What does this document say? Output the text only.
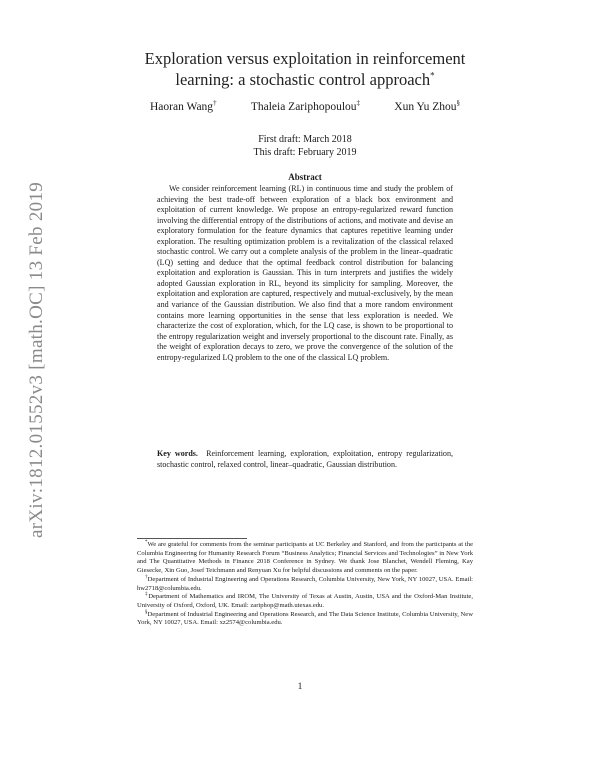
arXiv:1812.01552v3 [math.OC] 13 Feb 2019
Exploration versus exploitation in reinforcement
learning: a stochastic control approach*
Haoran Wang†	Thaleia Zariphopoulou‡	Xun Yu Zhou§
First draft: March 2018
This draft: February 2019
Abstract

We consider reinforcement learning (RL) in continuous time and study the problem of achieving the best trade-off between exploration of a black box environment and exploitation of current knowledge. We propose an entropy-regularized reward function involving the differential entropy of the distributions of actions, and motivate and devise an exploratory formulation for the feature dynamics that captures repetitive learning under exploration. The resulting optimization problem is a revitalization of the classical relaxed stochastic control. We carry out a complete analysis of the problem in the linear–quadratic (LQ) setting and deduce that the optimal feedback control distribution for balancing exploitation and exploration is Gaussian. This in turn interprets and justifies the widely adopted Gaussian exploration in RL, beyond its simplicity for sampling. Moreover, the exploitation and exploration are captured, respectively and mutual-exclusively, by the mean and variance of the Gaussian distribution. We also find that a more random environment contains more learning opportunities in the sense that less exploration is needed. We characterize the cost of exploration, which, for the LQ case, is shown to be proportional to the entropy regularization weight and inversely proportional to the discount rate. Finally, as the weight of exploration decays to zero, we prove the convergence of the solution of the entropy-regularized LQ problem to the one of the classical LQ problem.

Key words. Reinforcement learning, exploration, exploitation, entropy regularization, stochastic control, relaxed control, linear–quadratic, Gaussian distribution.

*We are grateful for comments from the seminar participants at UC Berkeley and Stanford, and from the participants at the Columbia Engineering for Humanity Research Forum “Business Analytics; Financial Services and Technologies” in New York and The Quantitative Methods in Finance 2018 Conference in Sydney. We thank Jose Blanchet, Wendell Fleming, Kay Giesecke, Xin Guo, Josef Teichmann and Renyuan Xu for helpful discussions and comments on the paper.

†Department of Industrial Engineering and Operations Research, Columbia University, New York, NY 10027, USA. Email: hw2718@columbia.edu.

‡Department of Mathematics and IROM, The University of Texas at Austin, Austin, USA and the Oxford-Man Institute, University of Oxford, Oxford, UK. Email: zariphop@math.utexas.edu.

§Department of Industrial Engineering and Operations Research, and The Data Science Institute, Columbia University, New York, NY 10027, USA. Email: xz2574@columbia.edu.

1
